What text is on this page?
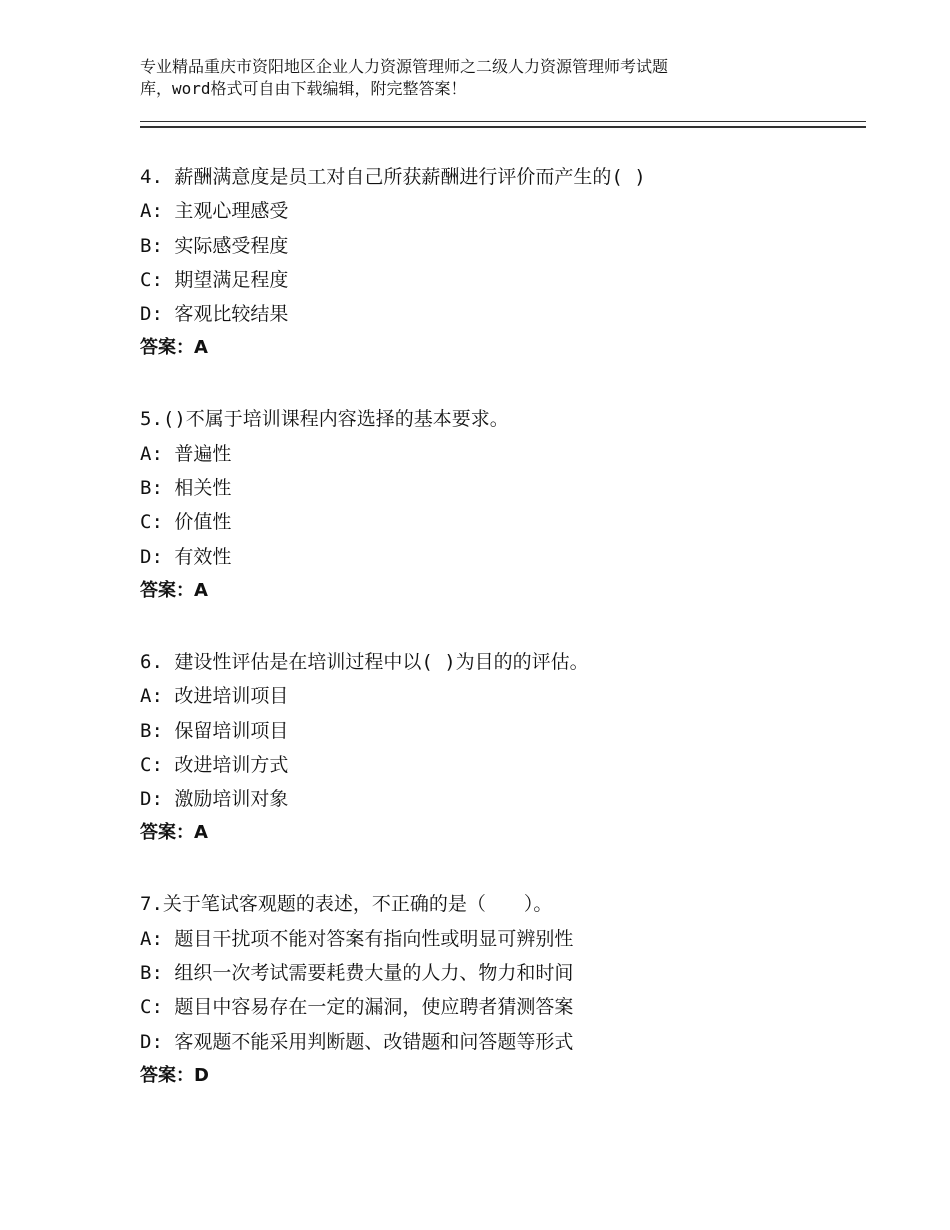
专业精品重庆市资阳地区企业人力资源管理师之二级人力资源管理师考试题
库，word格式可自由下载编辑，附完整答案！
4. 薪酬满意度是员工对自己所获薪酬进行评价而产生的( )
A: 主观心理感受
B: 实际感受程度
C: 期望满足程度
D: 客观比较结果
答案：A
5.()不属于培训课程内容选择的基本要求。
A: 普遍性
B: 相关性
C: 价值性
D: 有效性
答案：A
6. 建设性评估是在培训过程中以( )为目的的评估。
A: 改进培训项目
B: 保留培训项目
C: 改进培训方式
D: 激励培训对象
答案：A
7.关于笔试客观题的表述，不正确的是（　　）。
A: 题目干扰项不能对答案有指向性或明显可辨别性
B: 组织一次考试需要耗费大量的人力、物力和时间
C: 题目中容易存在一定的漏洞，使应聘者猜测答案
D: 客观题不能采用判断题、改错题和问答题等形式
答案：D
